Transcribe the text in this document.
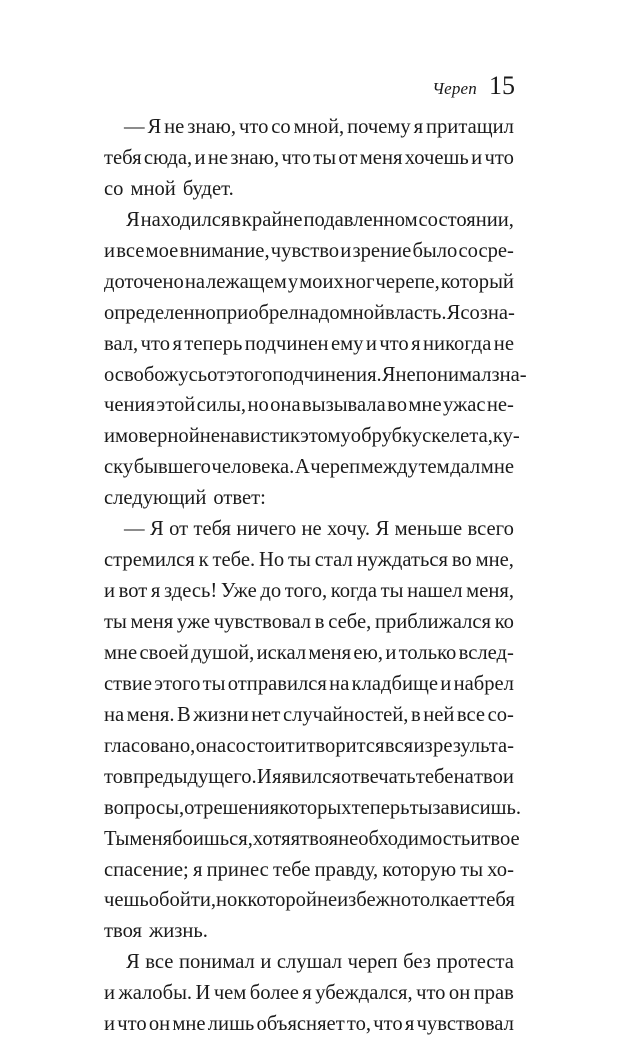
Череп 15
— Я не знаю, что со мной, почему я притащил
тебя сюда, и не знаю, что ты от меня хочешь и что
со мной будет.
Я находился в крайне подавленном состоянии,
и все мое внимание, чувство и зрение было сосре-
доточено на лежащем у моих ног черепе, который
определенно приобрел надо мной власть. Я созна-
вал, что я теперь подчинен ему и что я никогда не
освобожусь от этого подчинения. Я не понимал зна-
чения этой силы, но она вызывала во мне ужас не-
имоверной ненависти к этому обрубку скелета, ку-
ску бывшего человека. А череп между тем дал мне
следующий ответ:
— Я от тебя ничего не хочу. Я меньше всего
стремился к тебе. Но ты стал нуждаться во мне,
и вот я здесь! Уже до того, когда ты нашел меня,
ты меня уже чувствовал в себе, приближался ко
мне своей душой, искал меня ею, и только вслед-
ствие этого ты отправился на кладбище и набрел
на меня. В жизни нет случайностей, в ней все со-
гласовано, она состоит и творится вся из результа-
тов предыдущего. И я явился отвечать тебе на твои
вопросы, от решения которых теперь ты зависишь.
Ты меня боишься, хотя я твоя необходимость и твое
спасение; я принес тебе правду, которую ты хо-
чешь обойти, но к которой неизбежно толкает тебя
твоя жизнь.
Я все понимал и слушал череп без протеста
и жалобы. И чем более я убеждался, что он прав
и что он мне лишь объясняет то, что я чувствовал
